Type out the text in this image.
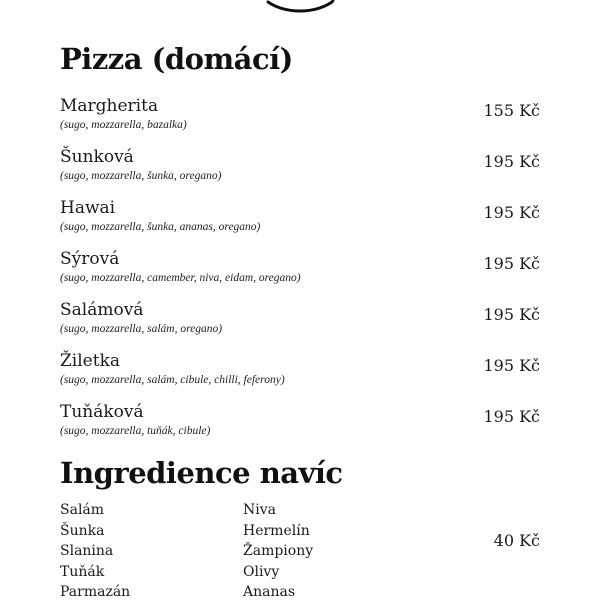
Pizza (domácí)
Margherita
(sugo, mozzarella, bazalka)
155 Kč
Šunková
(sugo, mozzarella, šunka, oregano)
195 Kč
Hawai
(sugo, mozzarella, šunka, ananas, oregano)
195 Kč
Sýrová
(sugo, mozzarella, camember, niva, eidam, oregano)
195 Kč
Salámová
(sugo, mozzarella, salám, oregano)
195 Kč
Žiletka
(sugo, mozzarella, salám, cibule, chilli, feferony)
195 Kč
Tuňáková
(sugo, mozzarella, tuňák, cibule)
195 Kč
Ingredience navíc
Salám
Šunka
Slanina
Tuňák
Parmazán
Niva
Hermelín
Žampiony
Olivy
Ananas
40 Kč
